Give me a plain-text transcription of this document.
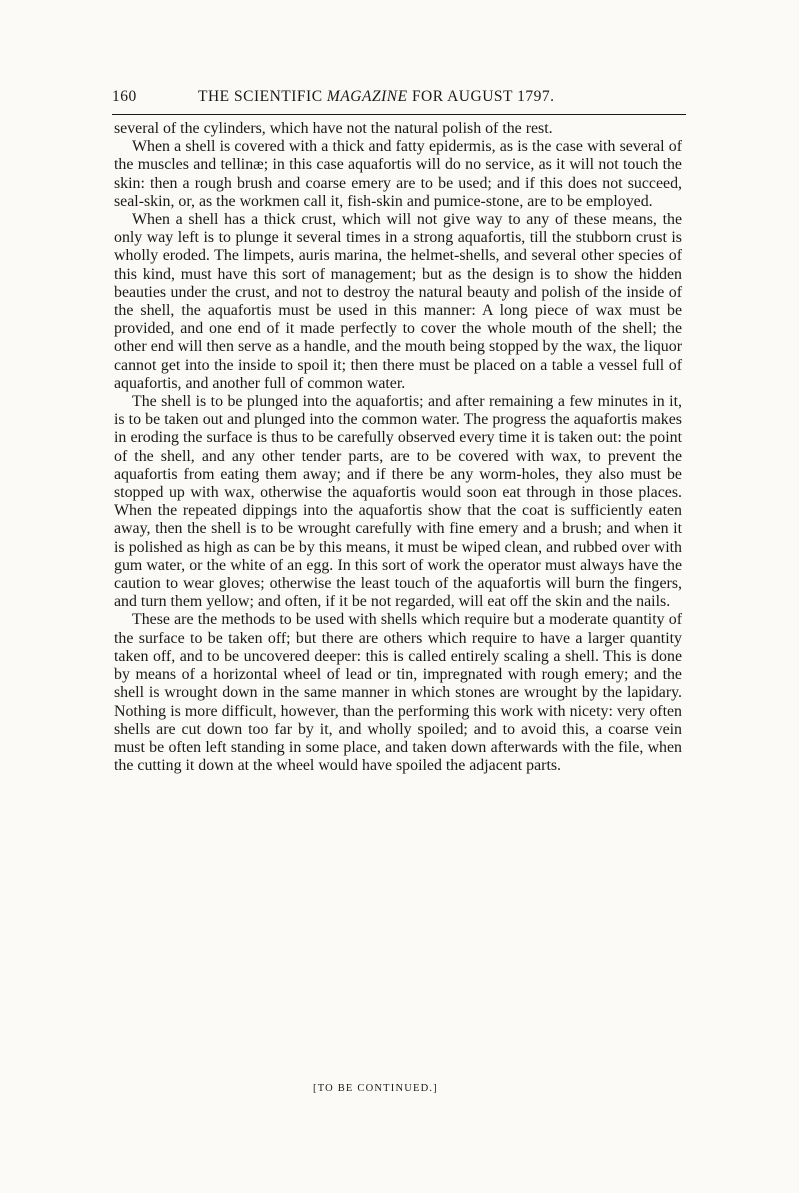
160	THE SCIENTIFIC MAGAZINE FOR AUGUST 1797.

several of the cylinders, which have not the natural polish of the rest.

When a shell is covered with a thick and fatty epidermis, as is the case with several of the muscles and tellinæ; in this case aquafortis will do no service, as it will not touch the skin: then a rough brush and coarse emery are to be used; and if this does not succeed, seal-skin, or, as the workmen call it, fish-skin and pumice-stone, are to be employed.

When a shell has a thick crust, which will not give way to any of these means, the only way left is to plunge it several times in a strong aquafortis, till the stubborn crust is wholly eroded. The limpets, auris marina, the helmet-shells, and several other species of this kind, must have this sort of management; but as the design is to show the hidden beauties under the crust, and not to destroy the natural beauty and polish of the inside of the shell, the aquafortis must be used in this manner: A long piece of wax must be provided, and one end of it made perfectly to cover the whole mouth of the shell; the other end will then serve as a handle, and the mouth being stopped by the wax, the liquor cannot get into the inside to spoil it; then there must be placed on a table a vessel full of aquafortis, and another full of common water.

The shell is to be plunged into the aquafortis; and after remaining a few minutes in it, is to be taken out and plunged into the common water. The progress the aquafortis makes in eroding the surface is thus to be carefully observed every time it is taken out: the point of the shell, and any other tender parts, are to be covered with wax, to prevent the aquafortis from eating them away; and if there be any worm-holes, they also must be stopped up with wax, otherwise the aquafortis would soon eat through in those places. When the repeated dippings into the aquafortis show that the coat is sufficiently eaten away, then the shell is to be wrought carefully with fine emery and a brush; and when it is polished as high as can be by this means, it must be wiped clean, and rubbed over with gum water, or the white of an egg. In this sort of work the operator must always have the caution to wear gloves; otherwise the least touch of the aquafortis will burn the fingers, and turn them yellow; and often, if it be not regarded, will eat off the skin and the nails.

These are the methods to be used with shells which require but a moderate quantity of the surface to be taken off; but there are others which require to have a larger quantity taken off, and to be uncovered deeper: this is called entirely scaling a shell. This is done by means of a horizontal wheel of lead or tin, impregnated with rough emery; and the shell is wrought down in the same manner in which stones are wrought by the lapidary. Nothing is more difficult, however, than the performing this work with nicety: very often shells are cut down too far by it, and wholly spoiled; and to avoid this, a coarse vein must be often left standing in some place, and taken down afterwards with the file, when the cutting it down at the wheel would have spoiled the adjacent parts.

[TO BE CONTINUED.]
